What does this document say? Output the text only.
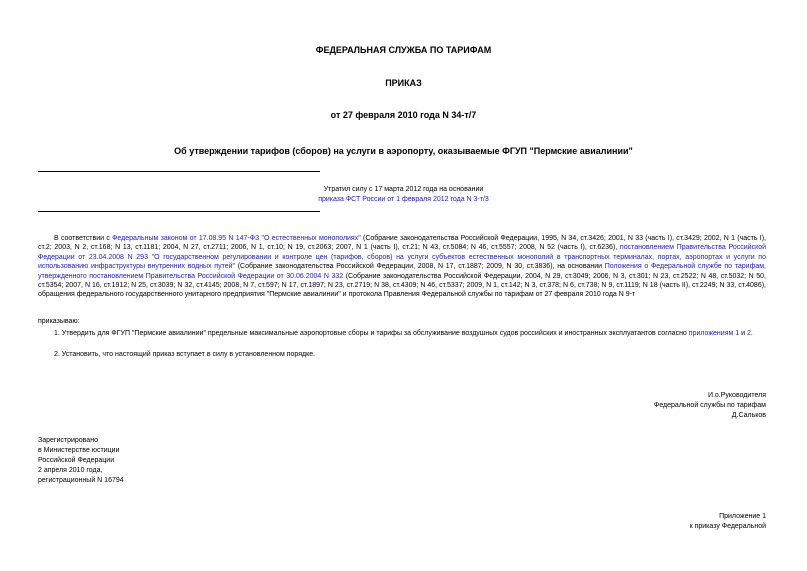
ФЕДЕРАЛЬНАЯ СЛУЖБА ПО ТАРИФАМ
ПРИКАЗ
от 27 февраля 2010 года N 34-т/7
Об утверждении тарифов (сборов) на услуги в аэропорту, оказываемые ФГУП "Пермские авиалинии"
Утратил силу с 17 марта 2012 года на основании
приказа ФСТ России от 1 февраля 2012 года N 3-т/3
В соответствии с Федеральным законом от 17.08.95 N 147-ФЗ "О естественных монополиях" (Собрание законодательства Российской Федерации, 1995, N 34, ст.3426; 2001, N 33 (часть I), ст.3429; 2002, N 1 (часть I), ст.2; 2003, N 2, ст.168; N 13, ст.1181; 2004, N 27, ст.2711; 2006, N 1, ст.10; N 19, ст.2063; 2007, N 1 (часть I), ст.21; N 43, ст.5084; N 46, ст.5557; 2008, N 52 (часть I), ст.6236), постановлением Правительства Российской Федерации от 23.04.2008 N 293 "О государственном регулировании и контроле цен (тарифов, сборов) на услуги субъектов естественных монополий в транспортных терминалах, портах, аэропортах и услуги по использованию инфраструктуры внутренних водных путей" (Собрание законодательства Российской Федерации, 2008, N 17, ст.1887; 2009, N 30, ст.3836), на основании Положения о Федеральной службе по тарифам, утвержденного постановлением Правительства Российской Федерации от 30.06.2004 N 332 (Собрание законодательства Российской Федерации, 2004, N 29, ст.3049; 2006, N 3, ст.301; N 23, ст.2522; N 48, ст.5032; N 50, ст.5354; 2007, N 16, ст.1912; N 25, ст.3039; N 32, ст.4145; 2008, N 7, ст.597; N 17, ст.1897; N 23, ст.2719; N 38, ст.4309; N 46, ст.5337; 2009, N 1, ст.142; N 3, ст.378; N 6, ст.738; N 9, ст.1119; N 18 (часть II), ст.2249; N 33, ст.4086), обращения федерального государственного унитарного предприятия "Пермские авиалинии" и протокола Правления Федеральной службы по тарифам от 27 февраля 2010 года N 9-т
приказываю:
1. Утвердить для ФГУП "Пермские авиалинии" предельные максимальные аэропортовые сборы и тарифы за обслуживание воздушных судов российских и иностранных эксплуатантов согласно приложениям 1 и 2.
2. Установить, что настоящий приказ вступает в силу в установленном порядке.
И.о.Руководителя
Федеральной службы по тарифам
Д.Сальков
Зарегистрировано
в Министерстве юстиции
Российской Федерации
2 апреля 2010 года,
регистрационный N 16794
Приложение 1
к приказу Федеральной
